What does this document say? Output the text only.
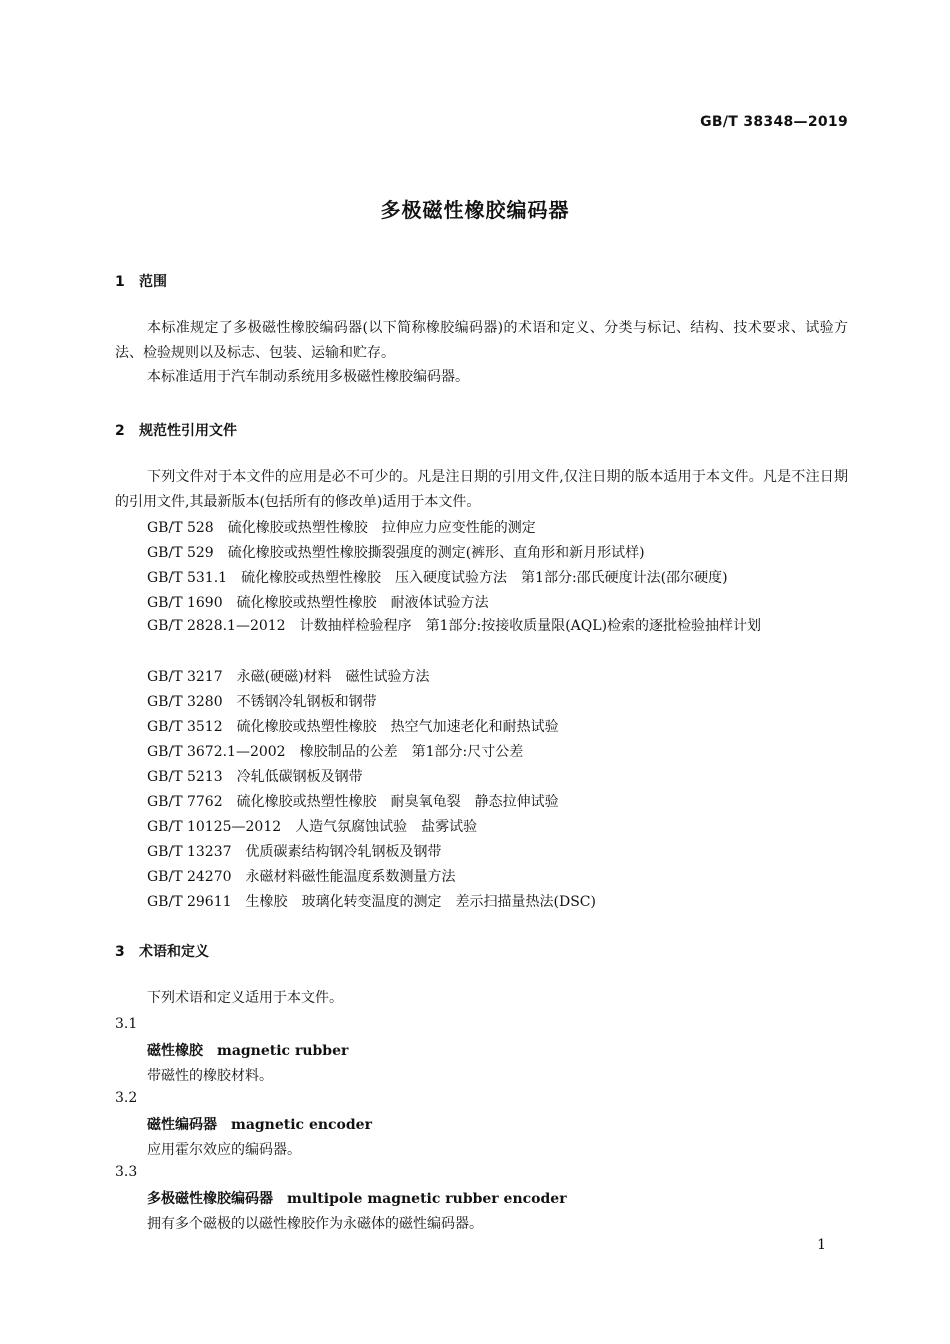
GB/T 38348—2019
多极磁性橡胶编码器
1 范围
本标准规定了多极磁性橡胶编码器(以下简称橡胶编码器)的术语和定义、分类与标记、结构、技术要求、试验方法、检验规则以及标志、包装、运输和贮存。
本标准适用于汽车制动系统用多极磁性橡胶编码器。
2 规范性引用文件
下列文件对于本文件的应用是必不可少的。凡是注日期的引用文件,仅注日期的版本适用于本文件。凡是不注日期的引用文件,其最新版本(包括所有的修改单)适用于本文件。
GB/T 528 硫化橡胶或热塑性橡胶　拉伸应力应变性能的测定
GB/T 529 硫化橡胶或热塑性橡胶撕裂强度的测定(裤形、直角形和新月形试样)
GB/T 531.1 硫化橡胶或热塑性橡胶　压入硬度试验方法　第1部分:邵氏硬度计法(邵尔硬度)
GB/T 1690 硫化橡胶或热塑性橡胶　耐液体试验方法
GB/T 2828.1—2012 计数抽样检验程序　第1部分:按接收质量限(AQL)检索的逐批检验抽样计划
GB/T 3217 永磁(硬磁)材料　磁性试验方法
GB/T 3280 不锈钢冷轧钢板和钢带
GB/T 3512 硫化橡胶或热塑性橡胶　热空气加速老化和耐热试验
GB/T 3672.1—2002 橡胶制品的公差　第1部分:尺寸公差
GB/T 5213 冷轧低碳钢板及钢带
GB/T 7762 硫化橡胶或热塑性橡胶　耐臭氧龟裂　静态拉伸试验
GB/T 10125—2012 人造气氛腐蚀试验　盐雾试验
GB/T 13237 优质碳素结构钢冷轧钢板及钢带
GB/T 24270 永磁材料磁性能温度系数测量方法
GB/T 29611 生橡胶　玻璃化转变温度的测定　差示扫描量热法(DSC)
3 术语和定义
下列术语和定义适用于本文件。
3.1
磁性橡胶 magnetic rubber
带磁性的橡胶材料。
3.2
磁性编码器 magnetic encoder
应用霍尔效应的编码器。
3.3
多极磁性橡胶编码器 multipole magnetic rubber encoder
拥有多个磁极的以磁性橡胶作为永磁体的磁性编码器。
1
